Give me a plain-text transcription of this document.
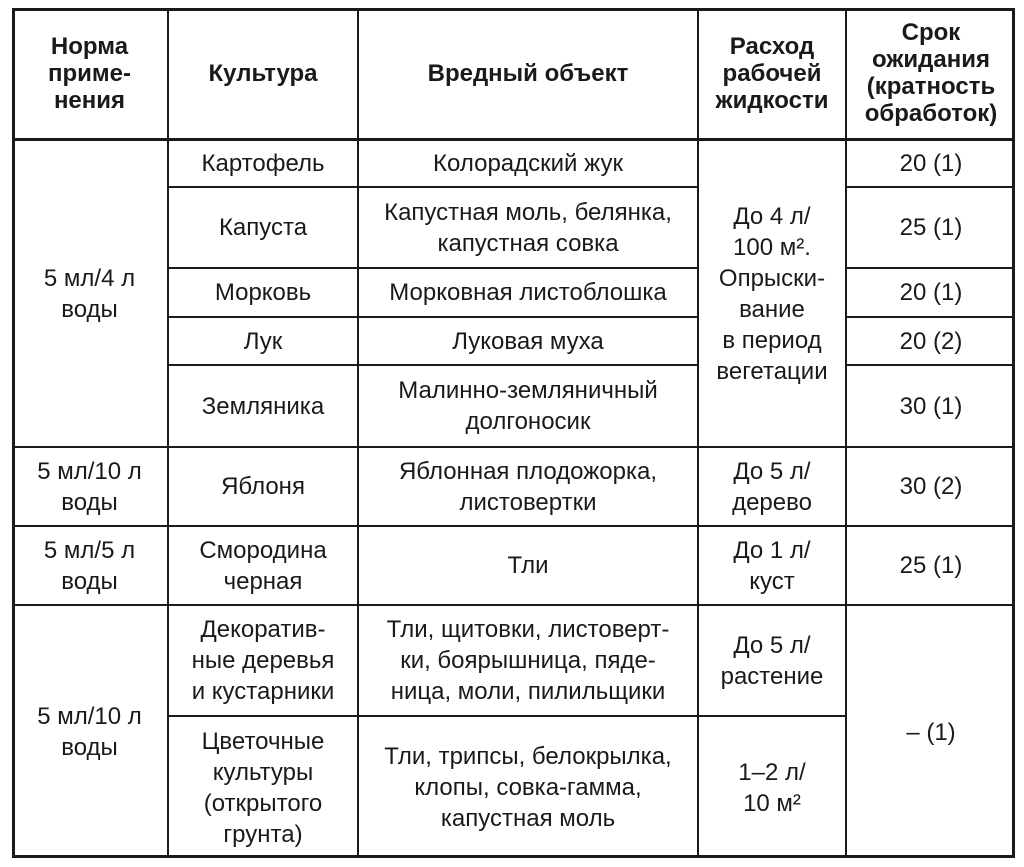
Норма
приме-
нения
Культура	Вредный объект
Расход
рабочей
жидкости
Срок
ожидания
(кратность
обработок)
5 мл/4 л
воды
5 мл/10 л
воды
5 мл/5 л
воды
5 мл/10 л
воды
Картофель
Капуста
Морковь
Лук
Земляника
Яблоня
Смородина
черная
Декоратив-
ные деревья
и кустарники
Цветочные
культуры
(открытого
грунта)
Колорадский жук
Капустная моль, белянка,
капустная совка
Морковная листоблошка
Луковая муха
Малинно-земляничный
долгоносик
Яблонная плодожорка,
листовертки
Тли
Тли, щитовки, листоверт-
ки, боярышница, пяде-
ница, моли, пилильщики
Тли, трипсы, белокрылка,
клопы, совка-гамма,
капустная моль
До 4 л/
100 м².
Опрыски-
вание
в период
вегетации
До 5 л/
дерево
До 1 л/
куст
До 5 л/
растение
1–2 л/
10 м²
20 (1)
25 (1)
20 (1)
20 (2)
30 (1)
30 (2)
25 (1)
– (1)
